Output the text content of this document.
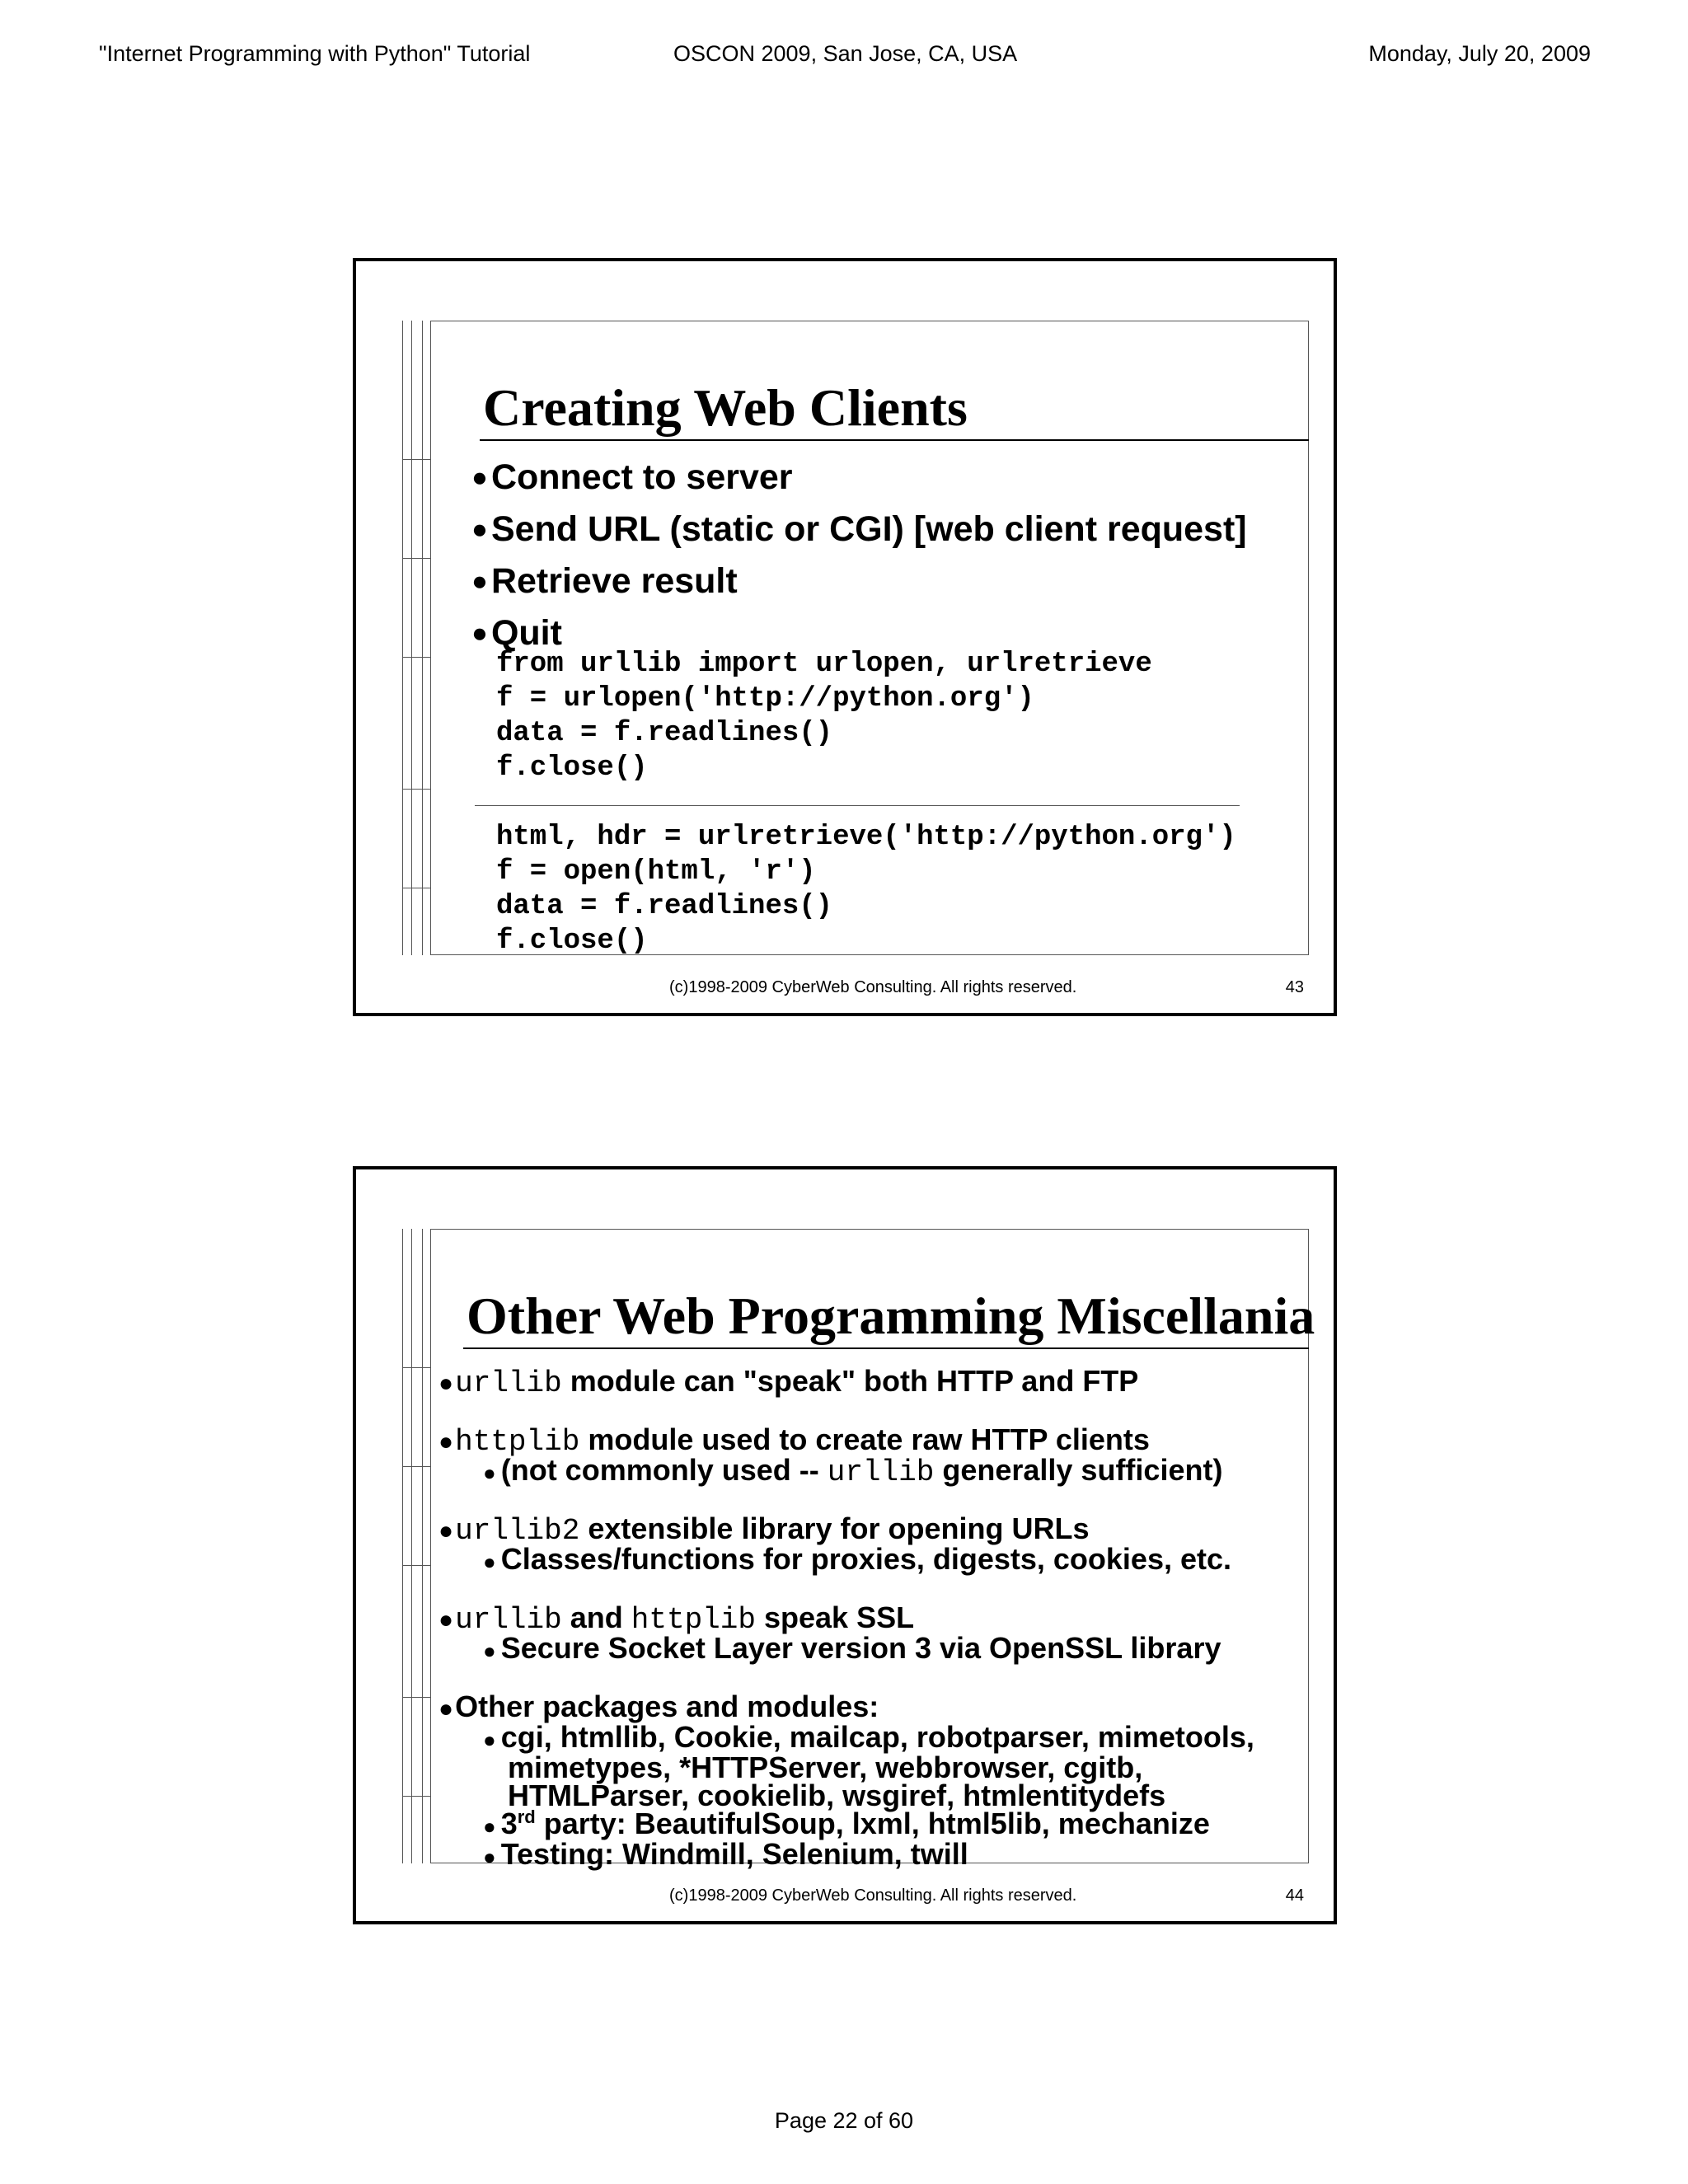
"Internet Programming with Python" Tutorial	OSCON 2009, San Jose, CA, USA	Monday, July 20, 2009
Creating Web Clients
● Connect to server
● Send URL (static or CGI) [web client request]
● Retrieve result
● Quit
from urllib import urlopen, urlretrieve
f = urlopen('http://python.org')
data = f.readlines()
f.close()
html, hdr = urlretrieve('http://python.org')
f = open(html, 'r')
data = f.readlines()
f.close()
(c)1998-2009 CyberWeb Consulting. All rights reserved.	43
Other Web Programming Miscellania
● urllib module can "speak" both HTTP and FTP
● httplib module used to create raw HTTP clients
● (not commonly used -- urllib generally sufficient)
● urllib2 extensible library for opening URLs
● Classes/functions for proxies, digests, cookies, etc.
● urllib and httplib speak SSL
● Secure Socket Layer version 3 via OpenSSL library
● Other packages and modules:
● cgi, htmllib, Cookie, mailcap, robotparser, mimetools,
mimetypes, *HTTPServer, webbrowser, cgitb,
HTMLParser, cookielib, wsgiref, htmlentitydefs
● 3rd party: BeautifulSoup, lxml, html5lib, mechanize
● Testing: Windmill, Selenium, twill
(c)1998-2009 CyberWeb Consulting. All rights reserved.	44
Page 22 of 60
